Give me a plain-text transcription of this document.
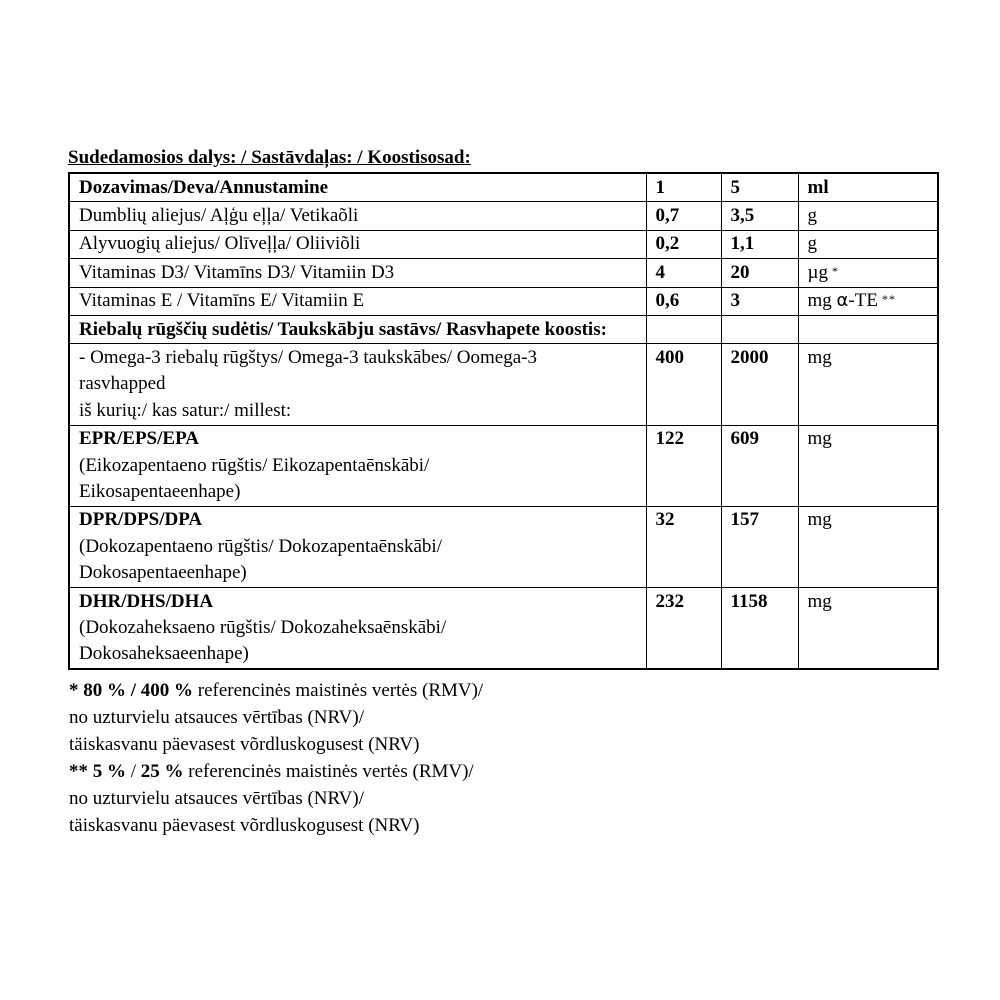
Sudedamosios dalys: / Sastāvdaļas: / Koostisosad:
Dozavimas/Deva/Annustamine	1	5	ml
Dumblių aliejus/ Aļģu eļļa/ Vetikaõli	0,7	3,5	g
Alyvuogių aliejus/ Olīveļļa/ Oliiviõli	0,2	1,1	g
Vitaminas D3/ Vitamīns D3/ Vitamiin D3	4	20	µg *
Vitaminas E / Vitamīns E/ Vitamiin E	0,6	3	mg α-TE **
Riebalų rūgščių sudėtis/ Taukskābju sastāvs/ Rasvhapete koostis:			

- Omega-3 riebalų rūgštys/ Omega-3 taukskābes/ Oomega-3
rasvhapped
iš kurių:/ kas satur:/ millest:	400	2000	mg

EPR/EPS/EPA
(Eikozapentaeno rūgštis/ Eikozapentaēnskābi/
Eikosapentaeenhape)	122	609	mg

DPR/DPS/DPA
(Dokozapentaeno rūgštis/ Dokozapentaēnskābi/
Dokosapentaeenhape)	32	157	mg

DHR/DHS/DHA
(Dokozaheksaeno rūgštis/ Dokozaheksaēnskābi/
Dokosaheksaeenhape)	232	1158	mg
* 80 % / 400 % referencinės maistinės vertės (RMV)/
no uzturvielu atsauces vērtības (NRV)/
täiskasvanu päevasest võrdluskogusest (NRV)
** 5 % / 25 % referencinės maistinės vertės (RMV)/
no uzturvielu atsauces vērtības (NRV)/
täiskasvanu päevasest võrdluskogusest (NRV)
